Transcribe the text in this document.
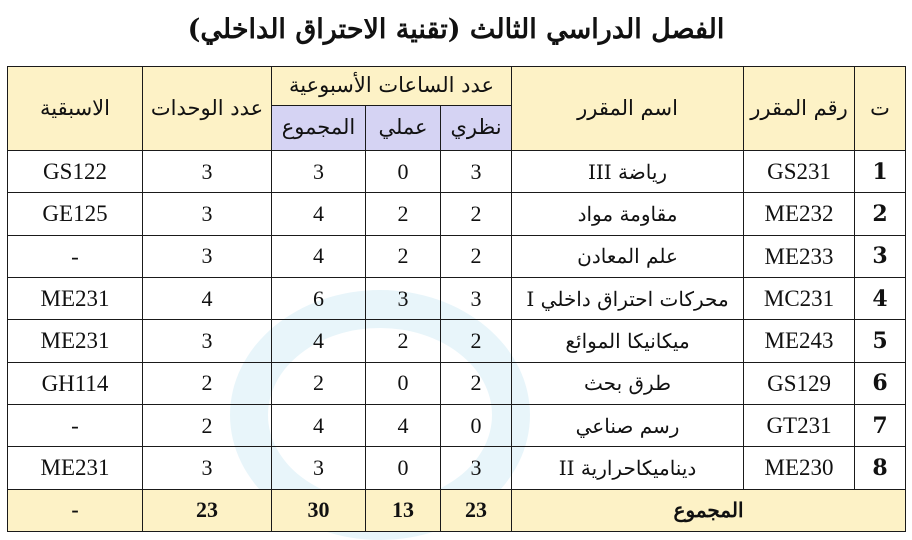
الفصل الدراسي الثالث (تقنية الاحتراق الداخلي)
ت	رقم المقرر	اسم المقرر	عدد الساعات الأسبوعية			عدد الوحدات	الاسبقية
			نظري	عملي	المجموع		
1	GS231	رياضة III	3	0	3	3	GS122
2	ME232	مقاومة مواد	2	2	4	3	GE125
3	ME233	علم المعادن	2	2	4	3	-
4	MC231	محركات احتراق داخلي I	3	3	6	4	ME231
5	ME243	ميكانيكا الموائع	2	2	4	3	ME231
6	GS129	طرق بحث	2	0	2	2	GH114
7	GT231	رسم صناعي	0	4	4	2	-
8	ME230	ديناميكاحرارية II	3	0	3	3	ME231
المجموع			23	13	30	23	-
